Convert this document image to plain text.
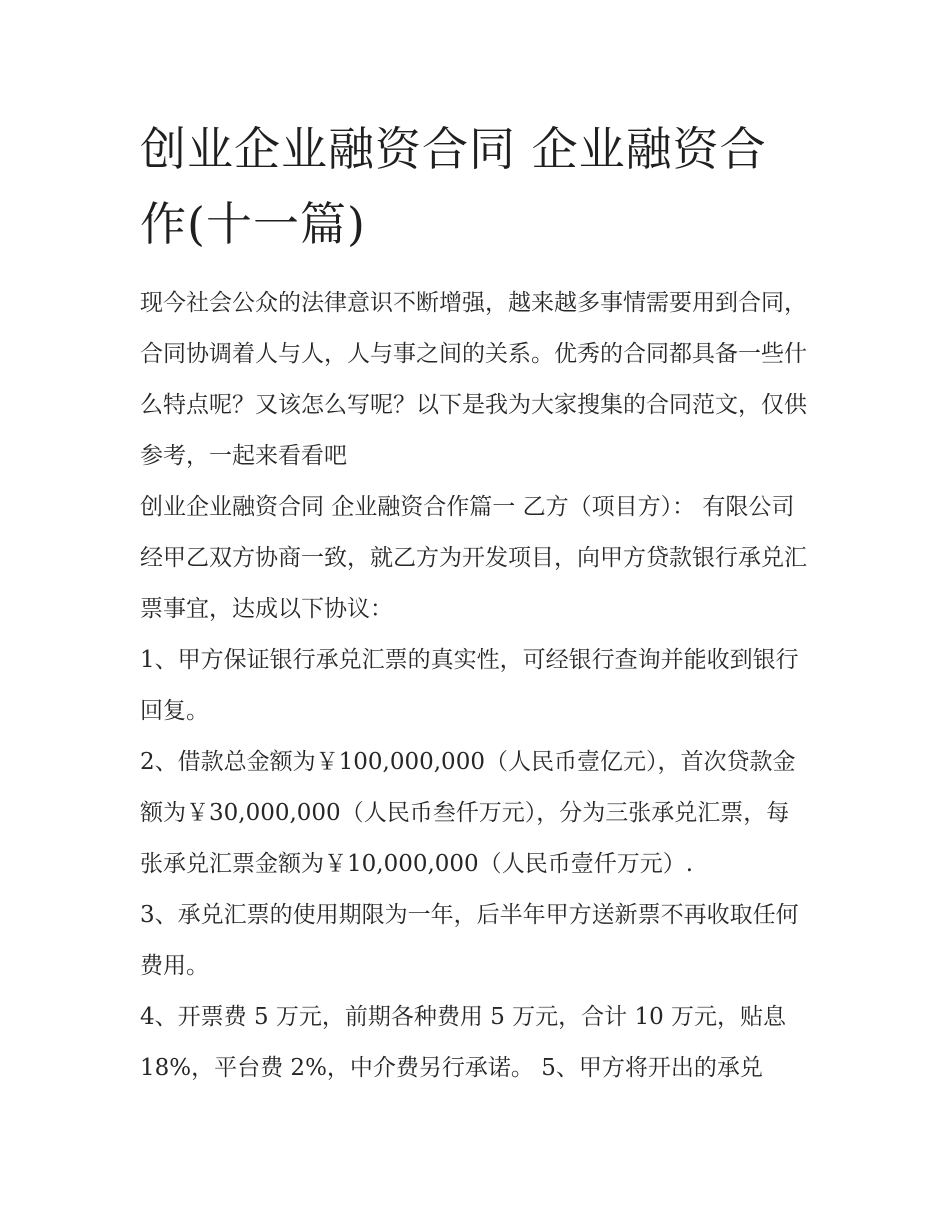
创业企业融资合同 企业融资合作(十一篇)

现今社会公众的法律意识不断增强，越来越多事情需要用到合同，合同协调着人与人，人与事之间的关系。优秀的合同都具备一些什么特点呢？又该怎么写呢？以下是我为大家搜集的合同范文，仅供参考，一起来看看吧

创业企业融资合同 企业融资合作篇一 乙方（项目方）： 有限公司 经甲乙双方协商一致，就乙方为开发项目，向甲方贷款银行承兑汇票事宜，达成以下协议：

1、甲方保证银行承兑汇票的真实性，可经银行查询并能收到银行回复。

2、借款总金额为￥100,000,000（人民币壹亿元），首次贷款金额为￥30,000,000（人民币叁仟万元），分为三张承兑汇票，每张承兑汇票金额为￥10,000,000（人民币壹仟万元）.

3、承兑汇票的使用期限为一年，后半年甲方送新票不再收取任何费用。

4、开票费 5 万元，前期各种费用 5 万元，合计 10 万元，贴息 18%，平台费 2%，中介费另行承诺。 5、甲方将开出的承兑
